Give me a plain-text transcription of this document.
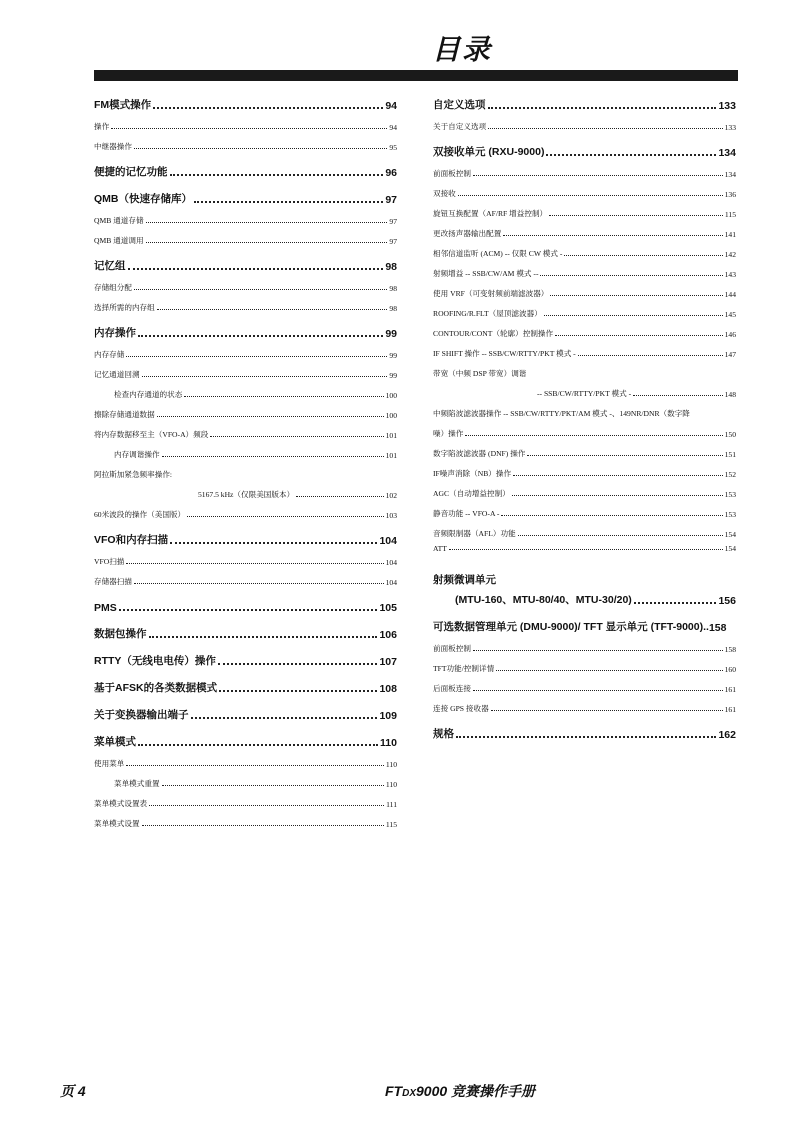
目录
FM模式操作	94
操作	94
中继器操作	95
便捷的记忆功能	96
QMB（快速存储库）	97
QMB 通道存储	97
QMB 通道调用	97
记忆组	98
存储组分配	98
选择所需的内存组	98
内存操作	99
内存存储	99
记忆通道回溯	99
检查内存通道的状态	100
擦除存储通道数据	100
将内存数据移至主（VFO-A）频段	101
内存调谐操作	101
阿拉斯加紧急频率操作:
5167.5 kHz（仅限美国版本）	102
60米波段的操作（美国版）	103
VFO和内存扫描	104
VFO扫描	104
存储器扫描	104
PMS	105
数据包操作	106
RTTY（无线电电传）操作	107
基于AFSK的各类数据模式	108
关于变换器输出端子	109
菜单模式	110
使用菜单	110
菜单模式重置	110
菜单模式设置表	111
菜单模式设置	115
自定义选项	133
关于自定义选项	133
双接收单元 (RXU-9000)	134
前面板控制	134
双接收	136
旋钮互换配置（AF/RF 增益控制）	115
更改扬声器输出配置	141
相邻信道监听 (ACM) -- 仅限 CW 模式 -	142
射频增益 -- SSB/CW/AM 模式 --	143
使用 VRF（可变射频前端滤波器）	144
ROOFING/R.FLT（屋顶滤波器）	145
CONTOUR/CONT（轮廓）控制操作	146
IF SHIFT 操作 -- SSB/CW/RTTY/PKT 模式 -	147
带宽（中频 DSP 带宽）调谐
-- SSB/CW/RTTY/PKT 模式 -	148
中频陷波滤波器操作 -- SSB/CW/RTTY/PKT/AM 模式 -、149NR/DNR（数字降
噪）操作	150
数字陷波滤波器 (DNF) 操作	151
IF噪声消除（NB）操作	152
AGC（自动增益控制）	153
静音功能 -- VFO-A -	153
音频限制器（AFL）功能	154
ATT	154
射频微调单元
(MTU-160、MTU-80/40、MTU-30/20)	156
可选数据管理单元 (DMU-9000)/ TFT 显示单元 (TFT-9000).. 158
前面板控制	158
TFT功能/控制详情	160
后面板连接	161
连接 GPS 接收器	161
规格	162
页 4	FTDX9000 竞赛操作手册
